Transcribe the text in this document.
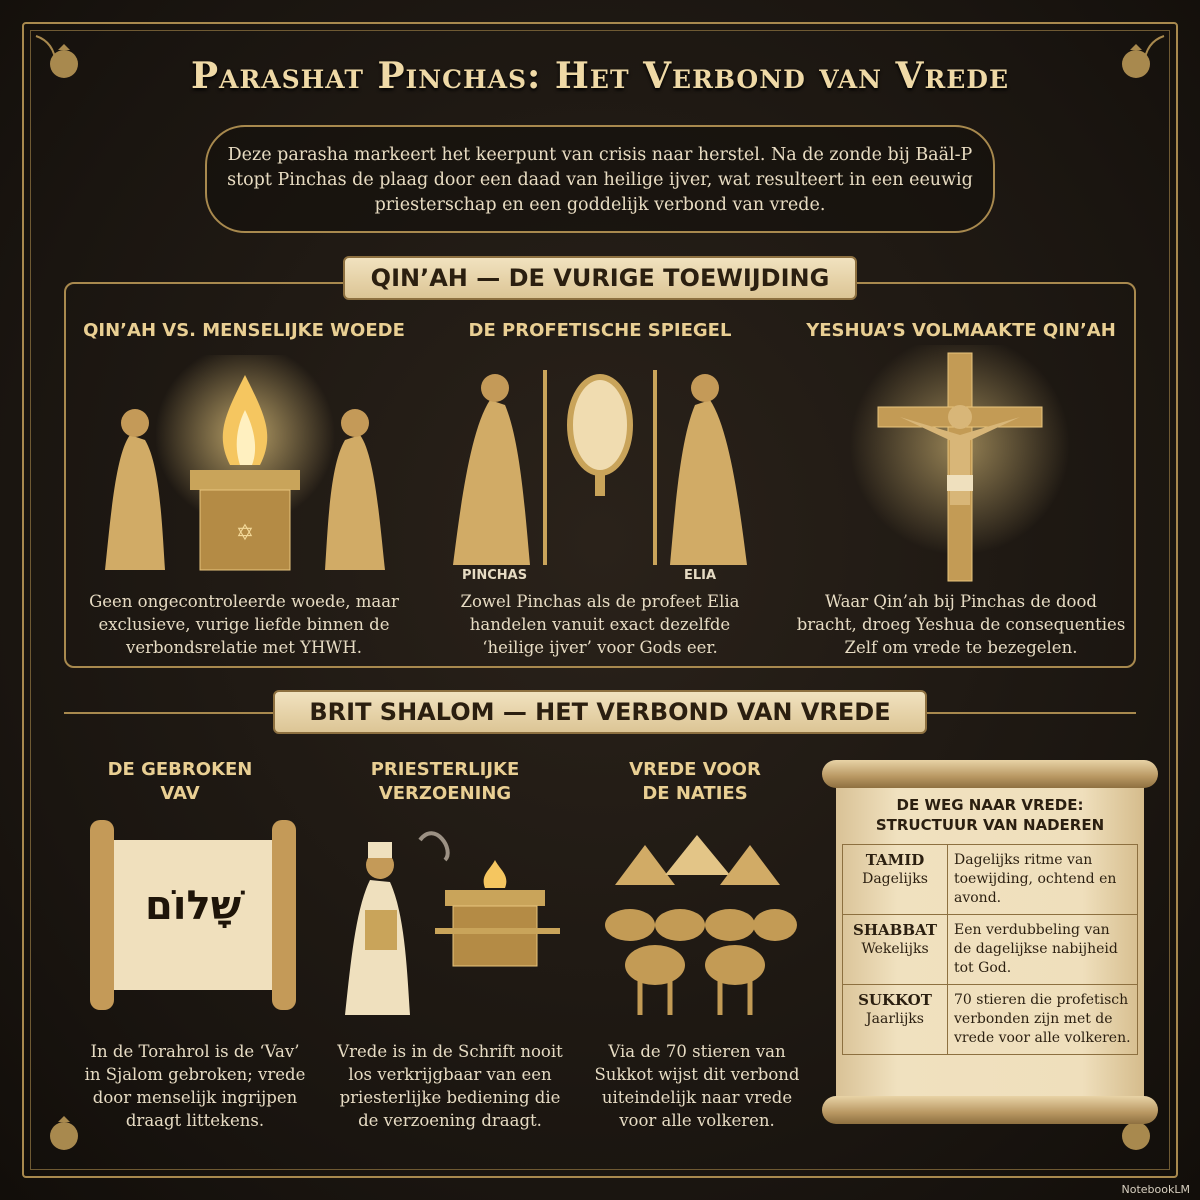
Parashat Pinchas: Het Verbond van Vrede
Deze parasha markeert het keerpunt van crisis naar herstel. Na de zonde bij Baäl-P
stopt Pinchas de plaag door een daad van heilige ijver, wat resulteert in een eeuwig
priesterschap en een goddelijk verbond van vrede.
QIN’AH — DE VURIGE TOEWIJDING
QIN’AH VS. MENSELIJKE WOEDE	DE PROFETISCHE SPIEGEL	YESHUA’S VOLMAAKTE QIN’AH
✡
PINCHAS	ELIA
Geen ongecontroleerde woede, maar
exclusieve, vurige liefde binnen de
verbondsrelatie met YHWH.
Zowel Pinchas als de profeet Elia
handelen vanuit exact dezelfde
‘heilige ijver’ voor Gods eer.
Waar Qin’ah bij Pinchas de dood
bracht, droeg Yeshua de consequenties
Zelf om vrede te bezegelen.
BRIT SHALOM — HET VERBOND VAN VREDE
DE GEBROKEN
VAV
PRIESTERLIJKE
VERZOENING
VREDE VOOR
DE NATIES
שָׁלוֹם
In de Torahrol is de ‘Vav’
in Sjalom gebroken; vrede
door menselijk ingrijpen
draagt littekens.
Vrede is in de Schrift nooit
los verkrijgbaar van een
priesterlijke bediening die
de verzoening draagt.
Via de 70 stieren van
Sukkot wijst dit verbond
uiteindelijk naar vrede
voor alle volkeren.
DE WEG NAAR VREDE:
STRUCTUUR VAN NADEREN
TAMID
Dagelijks	Dagelijks ritme van toewijding, ochtend en avond.

SHABBAT
Wekelijks	Een verdubbeling van de dagelijkse nabijheid tot God.

SUKKOT
Jaarlijks	70 stieren die profetisch verbonden zijn met de vrede voor alle volkeren.
NotebookLM
